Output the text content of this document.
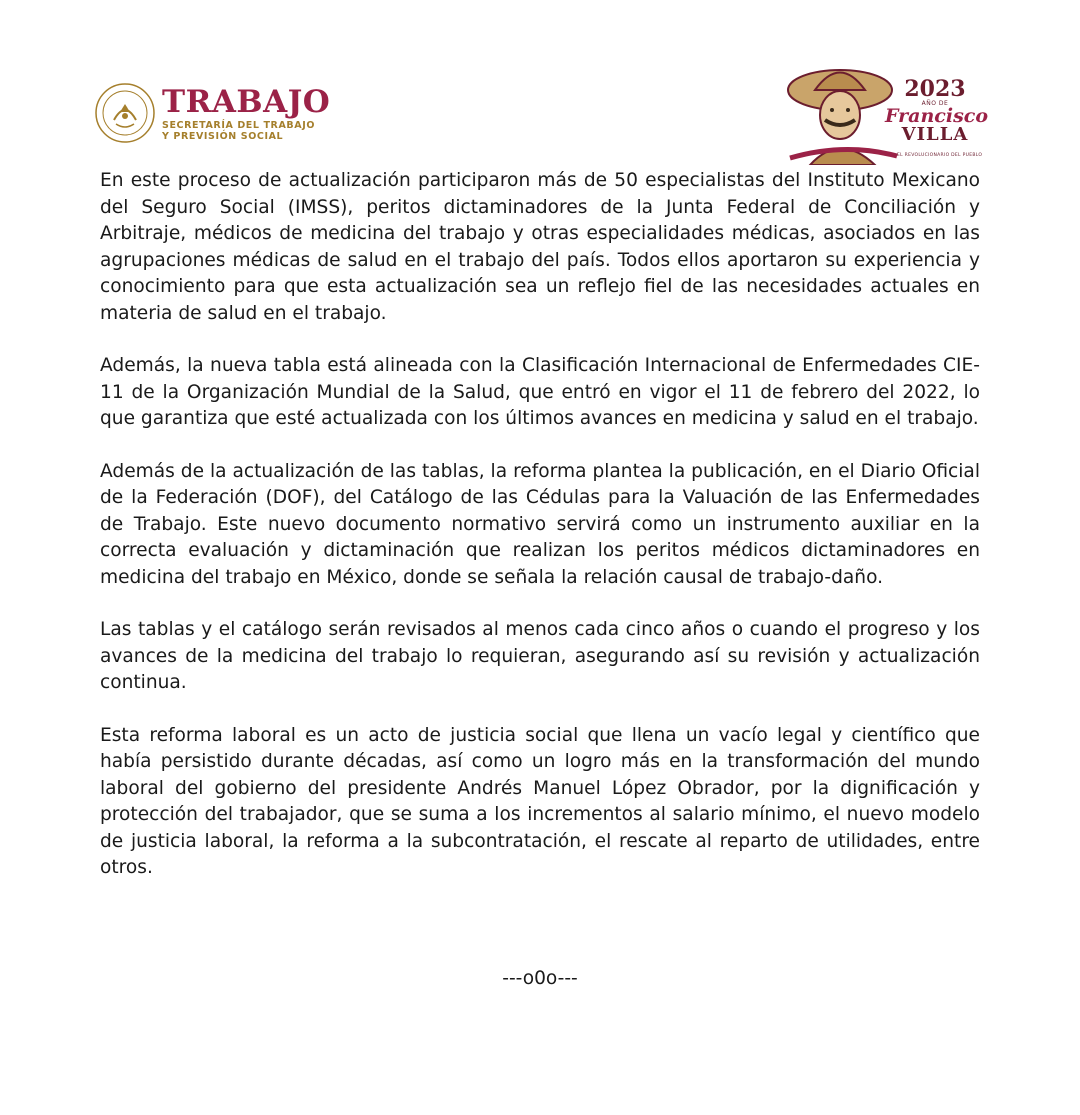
TRABAJO
SECRETARÍA DEL TRABAJO
Y PREVISIÓN SOCIAL
2023
AÑO DE
Francisco
VILLA
EL REVOLUCIONARIO DEL PUEBLO

En este proceso de actualización participaron más de 50 especialistas del Instituto Mexicano del Seguro Social (IMSS), peritos dictaminadores de la Junta Federal de Conciliación y Arbitraje, médicos de medicina del trabajo y otras especialidades médicas, asociados en las agrupaciones médicas de salud en el trabajo del país. Todos ellos aportaron su experiencia y conocimiento para que esta actualización sea un reflejo fiel de las necesidades actuales en materia de salud en el trabajo.

Además, la nueva tabla está alineada con la Clasificación Internacional de Enfermedades CIE-11 de la Organización Mundial de la Salud, que entró en vigor el 11 de febrero del 2022, lo que garantiza que esté actualizada con los últimos avances en medicina y salud en el trabajo.

Además de la actualización de las tablas, la reforma plantea la publicación, en el Diario Oficial de la Federación (DOF), del Catálogo de las Cédulas para la Valuación de las Enfermedades de Trabajo. Este nuevo documento normativo servirá como un instrumento auxiliar en la correcta evaluación y dictaminación que realizan los peritos médicos dictaminadores en medicina del trabajo en México, donde se señala la relación causal de trabajo-daño.

Las tablas y el catálogo serán revisados al menos cada cinco años o cuando el progreso y los avances de la medicina del trabajo lo requieran, asegurando así su revisión y actualización continua.

Esta reforma laboral es un acto de justicia social que llena un vacío legal y científico que había persistido durante décadas, así como un logro más en la transformación del mundo laboral del gobierno del presidente Andrés Manuel López Obrador, por la dignificación y protección del trabajador, que se suma a los incrementos al salario mínimo, el nuevo modelo de justicia laboral, la reforma a la subcontratación, el rescate al reparto de utilidades, entre otros.

---o0o---
